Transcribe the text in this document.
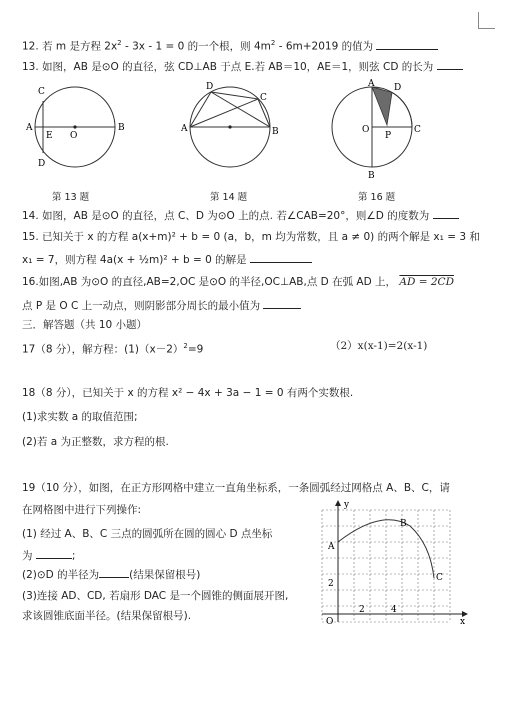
12. 若 m 是方程 $2x^2 - 3x - 1 = 0$ 的一个根，则 $4m^2 - 6m+2019$ 的值为
13. 如图，AB 是⊙O 的直径，弦 CD⊥AB 于点 E.若 AB＝10，AE＝1，则弦 CD 的长为
C
A
E O
B
D
D
C
A	B
A D
O
P
C
B
第 13 题	第 14 题	第 16 题
14. 如图，AB 是⊙O 的直径，点 C、D 为⊙O 上的点. 若∠CAB=20°，则∠D 的度数为
15. 已知关于 x 的方程 a(x+m)² + b = 0 (a，b，m 均为常数，且 a ≠ 0) 的两个解是 x₁ = 3 和
x₁ = 7，则方程 4a(x + ½m)² + b = 0 的解是
16.如图,AB 为⊙O 的直径,AB=2,OC 是⊙O 的半径,OC⊥AB,点 D 在弧 AD 上， AD = 2CD
点 P 是 O C 上一动点，则阴影部分周长的最小值为
三．解答题（共 10 小题）
17（8 分），解方程：$(1)(x-2)^2=9$	（2）x(x-1)=2(x-1)
18（8 分），已知关于 x 的方程 x² − 4x + 3a − 1 = 0 有两个实数根.
(1)求实数 a 的取值范围;
(2)若 a 为正整数，求方程的根.
19（10 分），如图，在正方形网格中建立一直角坐标系，一条圆弧经过网格点 A、B、C，请
在网格图中进行下列操作:
(1) 经过 A、B、C 三点的圆弧所在圆的圆心 D 点坐标
为	;
(2)⊙D 的半径为	(结果保留根号)
(3)连接 AD、CD, 若扇形 DAC 是一个圆锥的侧面展开图,
求该圆锥底面半径。(结果保留根号).
y
x
O
A
B
C
2	4
2
